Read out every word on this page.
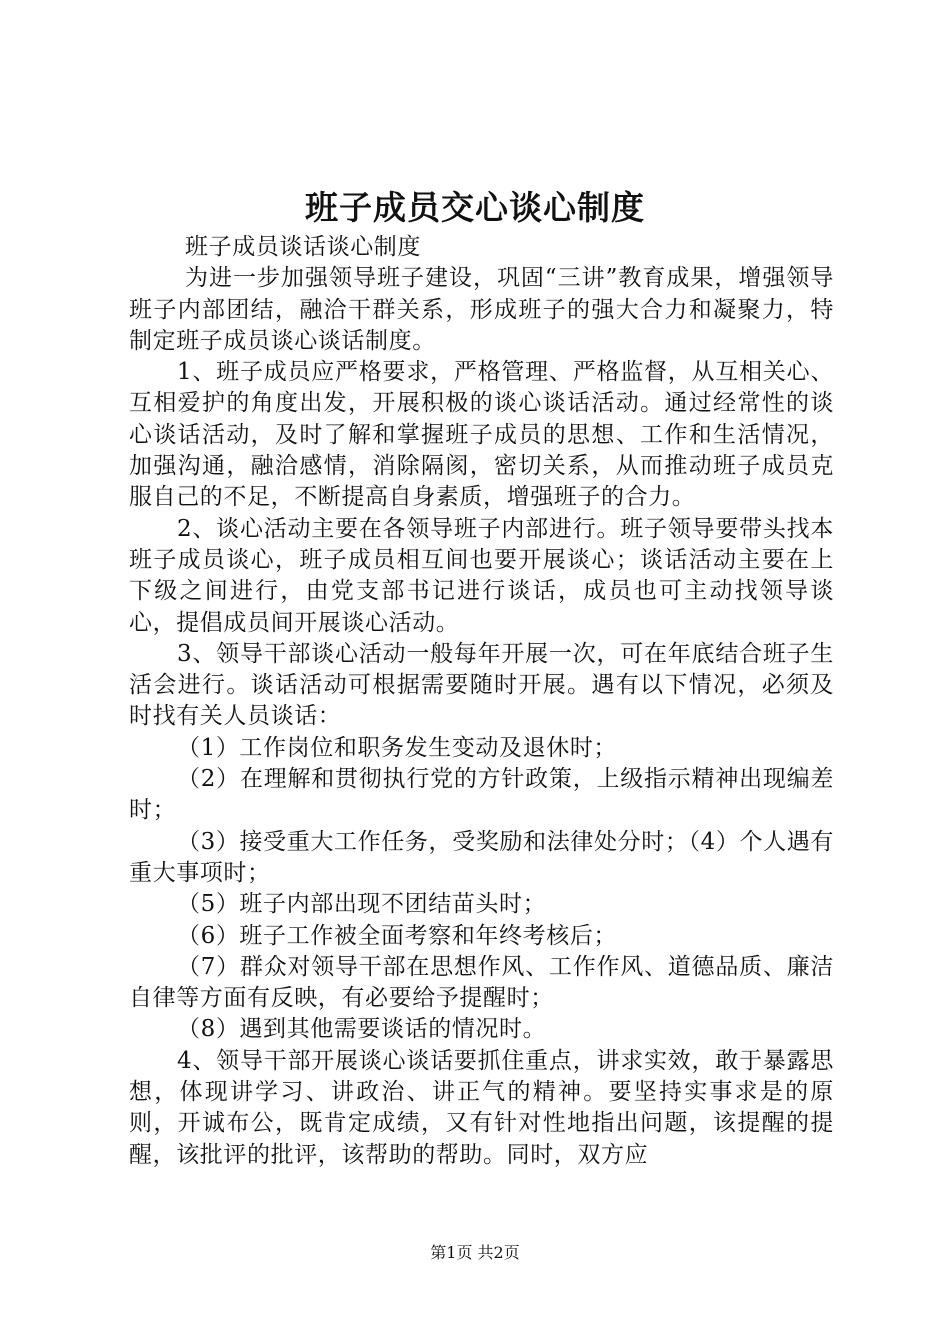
班子成员交心谈心制度

班子成员谈话谈心制度

为进一步加强领导班子建设，巩固“三讲”教育成果，增强领导班子内部团结，融洽干群关系，形成班子的强大合力和凝聚力，特制定班子成员谈心谈话制度。

1、班子成员应严格要求，严格管理、严格监督，从互相关心、互相爱护的角度出发，开展积极的谈心谈话活动。通过经常性的谈心谈话活动，及时了解和掌握班子成员的思想、工作和生活情况，加强沟通，融洽感情，消除隔阂，密切关系，从而推动班子成员克服自己的不足，不断提高自身素质，增强班子的合力。

2、谈心活动主要在各领导班子内部进行。班子领导要带头找本班子成员谈心，班子成员相互间也要开展谈心；谈话活动主要在上下级之间进行，由党支部书记进行谈话，成员也可主动找领导谈心，提倡成员间开展谈心活动。

3、领导干部谈心活动一般每年开展一次，可在年底结合班子生活会进行。谈话活动可根据需要随时开展。遇有以下情况，必须及时找有关人员谈话：

（1）工作岗位和职务发生变动及退休时；

（2）在理解和贯彻执行党的方针政策，上级指示精神出现编差时；

（3）接受重大工作任务，受奖励和法律处分时；（4）个人遇有重大事项时；

（5）班子内部出现不团结苗头时；

（6）班子工作被全面考察和年终考核后；

（7）群众对领导干部在思想作风、工作作风、道德品质、廉洁自律等方面有反映，有必要给予提醒时；

（8）遇到其他需要谈话的情况时。

4、领导干部开展谈心谈话要抓住重点，讲求实效，敢于暴露思想，体现讲学习、讲政治、讲正气的精神。要坚持实事求是的原则，开诚布公，既肯定成绩，又有针对性地指出问题，该提醒的提醒，该批评的批评，该帮助的帮助。同时，双方应

第1页 共2页
